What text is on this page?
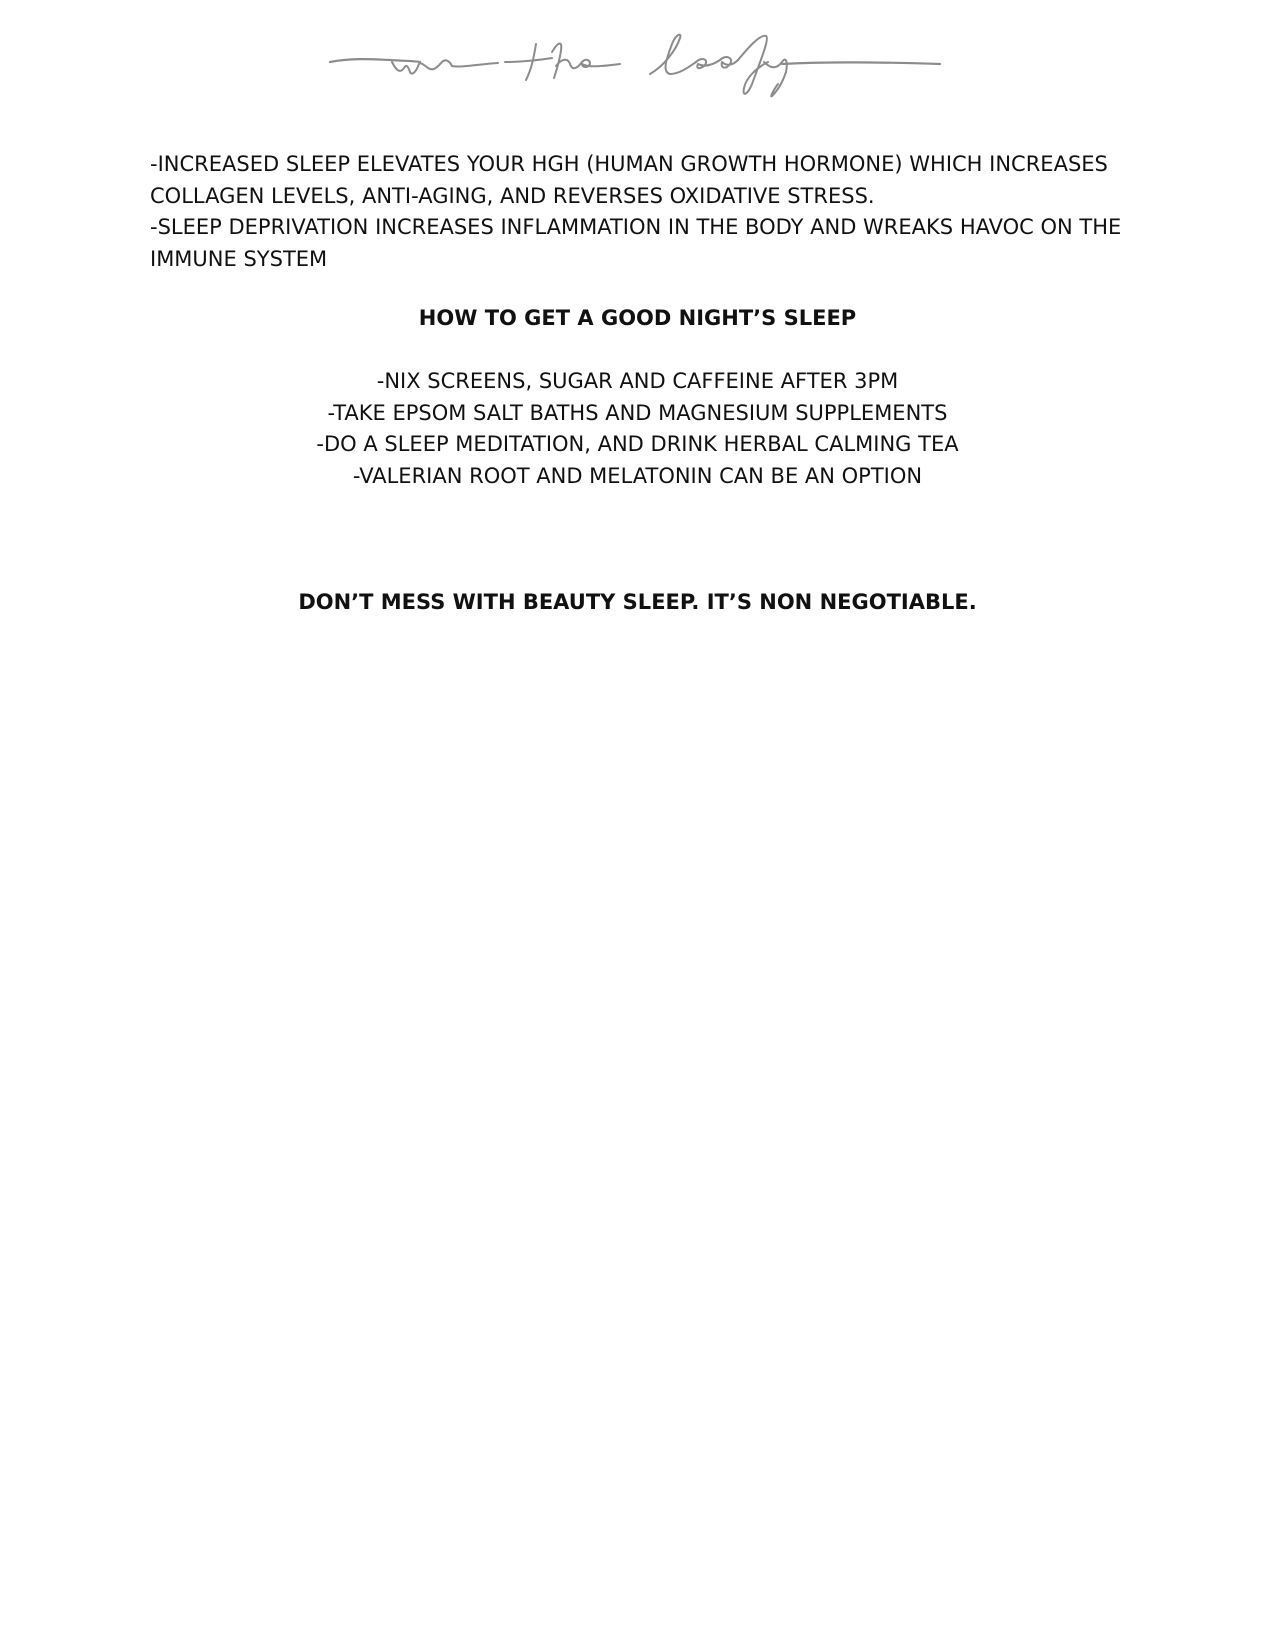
-INCREASED SLEEP ELEVATES YOUR HGH (HUMAN GROWTH HORMONE) WHICH INCREASES COLLAGEN LEVELS, ANTI-AGING, AND REVERSES OXIDATIVE STRESS.

-SLEEP DEPRIVATION INCREASES INFLAMMATION IN THE BODY AND WREAKS HAVOC ON THE IMMUNE SYSTEM

HOW TO GET A GOOD NIGHT’S SLEEP
-NIX SCREENS, SUGAR AND CAFFEINE AFTER 3PM
-TAKE EPSOM SALT BATHS AND MAGNESIUM SUPPLEMENTS
-DO A SLEEP MEDITATION, AND DRINK HERBAL CALMING TEA
-VALERIAN ROOT AND MELATONIN CAN BE AN OPTION

DON’T MESS WITH BEAUTY SLEEP. IT’S NON NEGOTIABLE.
